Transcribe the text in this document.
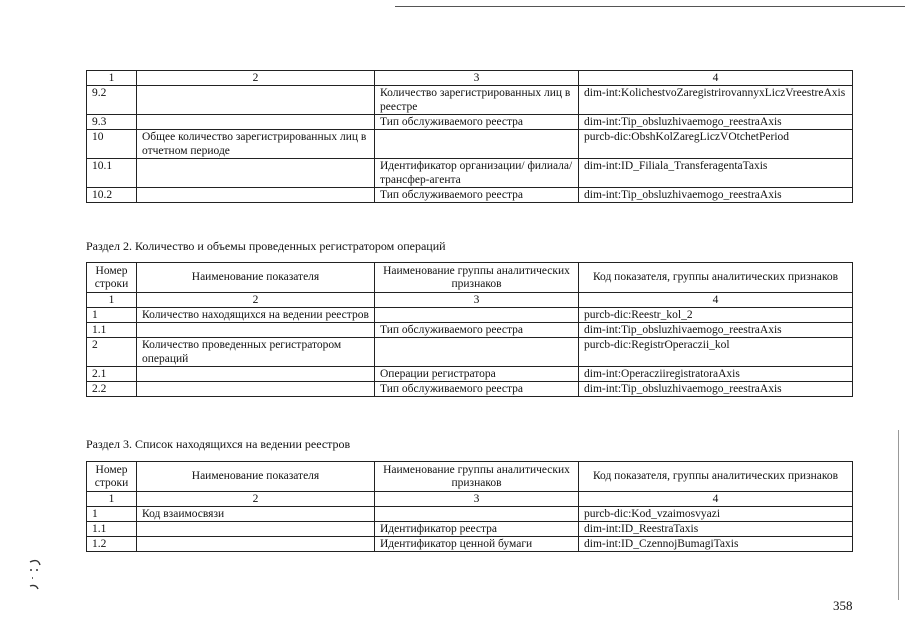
1	2	3	4
9.2		Количество зарегистрированных лиц в реестре	dim-int:KolichestvoZaregistrirovannyxLiczVreestreAxis
9.3		Тип обслуживаемого реестра	dim-int:Tip_obsluzhivaemogo_reestraAxis
10	Общее количество зарегистрированных лиц в отчетном периоде		purcb-dic:ObshKolZaregLiczVOtchetPeriod
10.1		Идентификатор организации/ филиала/трансфер-агента	dim-int:ID_Filiala_TransferagentaTaxis
10.2		Тип обслуживаемого реестра	dim-int:Tip_obsluzhivaemogo_reestraAxis
Раздел 2. Количество и объемы проведенных регистратором операций
Номер строки	Наименование показателя	Наименование группы аналитических признаков	Код показателя, группы аналитических признаков
1	2	3	4
1	Количество находящихся на ведении реестров		purcb-dic:Reestr_kol_2
1.1		Тип обслуживаемого реестра	dim-int:Tip_obsluzhivaemogo_reestraAxis
2	Количество проведенных регистратором операций		purcb-dic:RegistrOperaczii_kol
2.1		Операции регистратора	dim-int:OperacziiregistratoraAxis
2.2		Тип обслуживаемого реестра	dim-int:Tip_obsluzhivaemogo_reestraAxis
Раздел 3. Список находящихся на ведении реестров
Номер строки	Наименование показателя	Наименование группы аналитических признаков	Код показателя, группы аналитических признаков
1	2	3	4
1	Код взаимосвязи		purcb-dic:Kod_vzaimosvyazi
1.1		Идентификатор реестра	dim-int:ID_ReestraTaxis
1.2		Идентификатор ценной бумаги	dim-int:ID_CzennojBumagiTaxis
358
